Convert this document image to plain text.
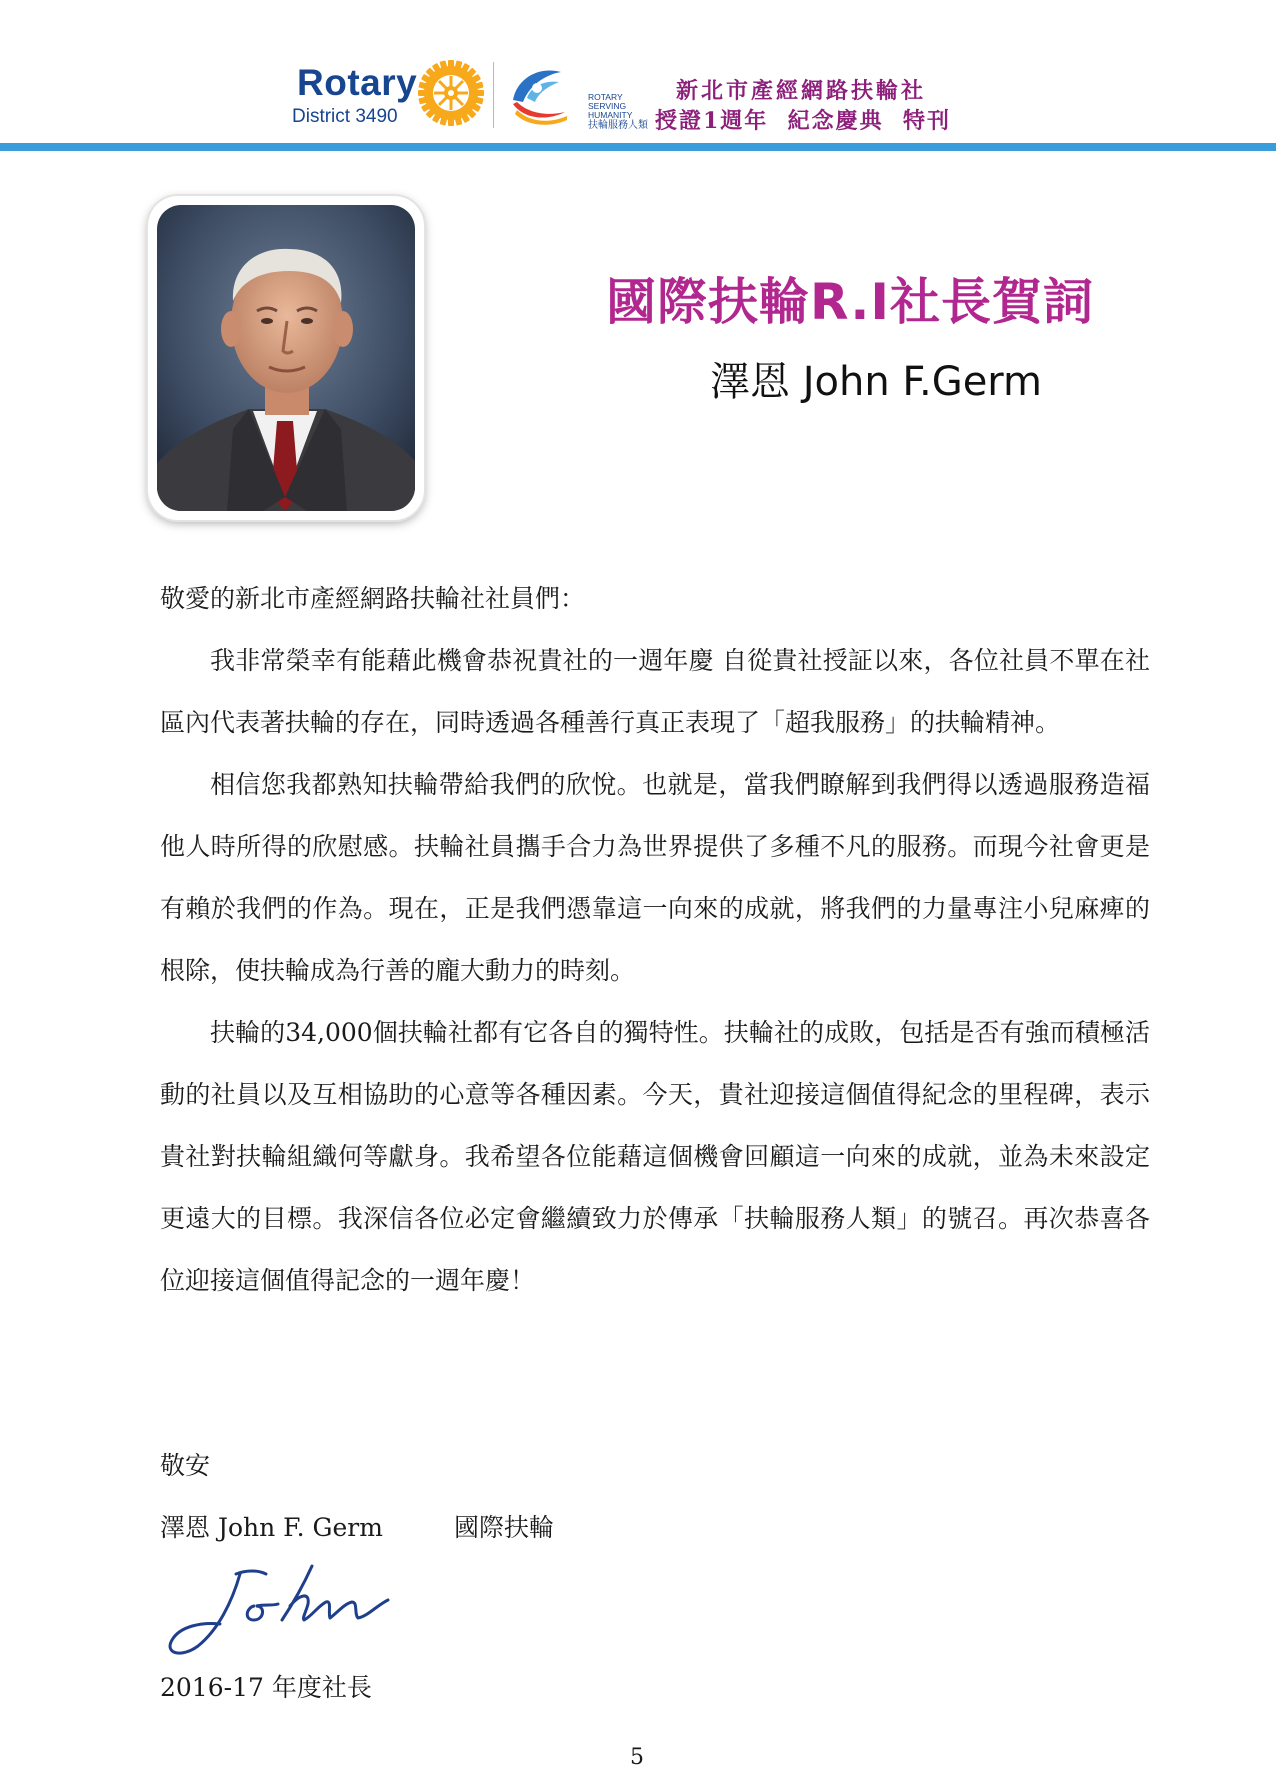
Rotary
District 3490
ROTARY
SERVING
HUMANITY
扶輪服務人類
新北市產經網路扶輪社
授證1週年  紀念慶典  特刊
國際扶輪R.I社長賀詞
澤恩 John F.Germ

敬愛的新北市產經網路扶輪社社員們：

我非常榮幸有能藉此機會恭祝貴社的一週年慶 自從貴社授証以來，各位社員不單在社區內代表著扶輪的存在，同時透過各種善行真正表現了「超我服務」的扶輪精神。

相信您我都熟知扶輪帶給我們的欣悅。也就是，當我們瞭解到我們得以透過服務造福他人時所得的欣慰感。扶輪社員攜手合力為世界提供了多種不凡的服務。而現今社會更是有賴於我們的作為。現在，正是我們憑靠這一向來的成就，將我們的力量專注小兒麻痺的根除，使扶輪成為行善的龐大動力的時刻。

扶輪的34,000個扶輪社都有它各自的獨特性。扶輪社的成敗，包括是否有強而積極活動的社員以及互相協助的心意等各種因素。今天，貴社迎接這個值得紀念的里程碑，表示貴社對扶輪組織何等獻身。我希望各位能藉這個機會回顧這一向來的成就，並為未來設定更遠大的目標。我深信各位必定會繼續致力於傳承「扶輪服務人類」的號召。再次恭喜各位迎接這個值得記念的一週年慶！

敬安
澤恩 John F. Germ	國際扶輪
2016-17 年度社長
5
